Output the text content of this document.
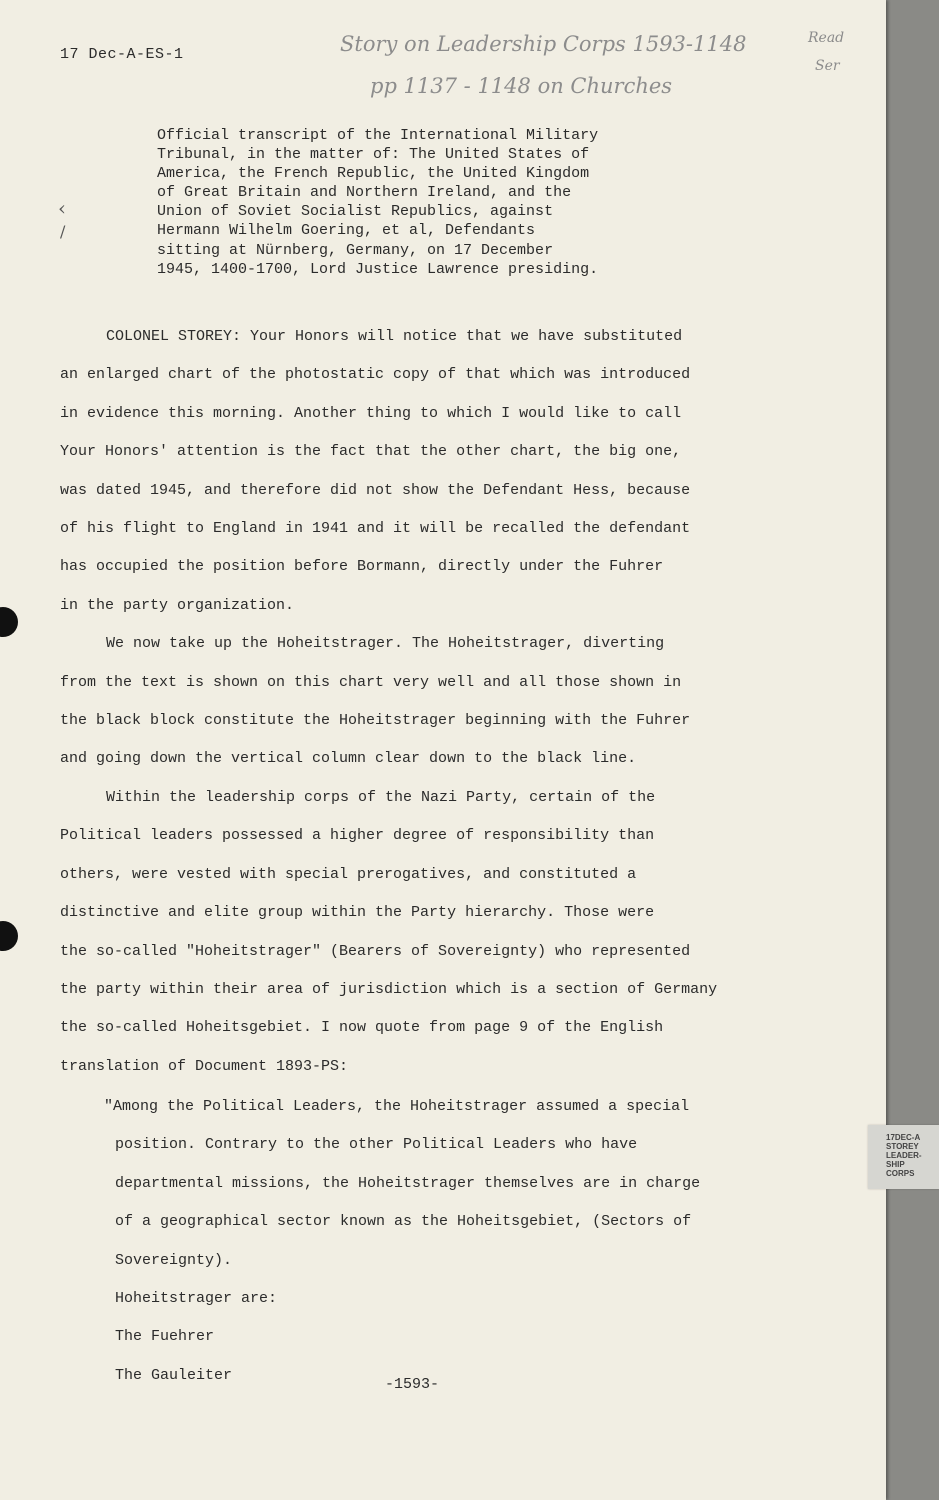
17 Dec-A-ES-1	Story on Leadership Corps 1593-1148
pp 1137 - 1148 on Churches
Read
Ser
‹
/

Official transcript of the International Military

Tribunal, in the matter of: The United States of

America, the French Republic, the United Kingdom

of Great Britain and Northern Ireland, and the

Union of Soviet Socialist Republics, against

Hermann Wilhelm Goering, et al, Defendants

sitting at Nürnberg, Germany, on 17 December

1945, 1400-1700, Lord Justice Lawrence presiding.

COLONEL STOREY: Your Honors will notice that we have substituted

an enlarged chart of the photostatic copy of that which was introduced

in evidence this morning. Another thing to which I would like to call

Your Honors' attention is the fact that the other chart, the big one,

was dated 1945, and therefore did not show the Defendant Hess, because

of his flight to England in 1941 and it will be recalled the defendant

has occupied the position before Bormann, directly under the Fuhrer

in the party organization.

We now take up the Hoheitstrager. The Hoheitstrager, diverting

from the text is shown on this chart very well and all those shown in

the black block constitute the Hoheitstrager beginning with the Fuhrer

and going down the vertical column clear down to the black line.

Within the leadership corps of the Nazi Party, certain of the

Political leaders possessed a higher degree of responsibility than

others, were vested with special prerogatives, and constituted a

distinctive and elite group within the Party hierarchy. Those were

the so-called "Hoheitstrager" (Bearers of Sovereignty) who represented

the party within their area of jurisdiction which is a section of Germany

the so-called Hoheitsgebiet. I now quote from page 9 of the English

translation of Document 1893-PS:

"Among the Political Leaders, the Hoheitstrager assumed a special

position. Contrary to the other Political Leaders who have

departmental missions, the Hoheitstrager themselves are in charge

of a geographical sector known as the Hoheitsgebiet, (Sectors of

Sovereignty).

Hoheitstrager are:

The Fuehrer

The Gauleiter

-1593-
17DEC-A
STOREY
LEADER-
SHIP
CORPS
